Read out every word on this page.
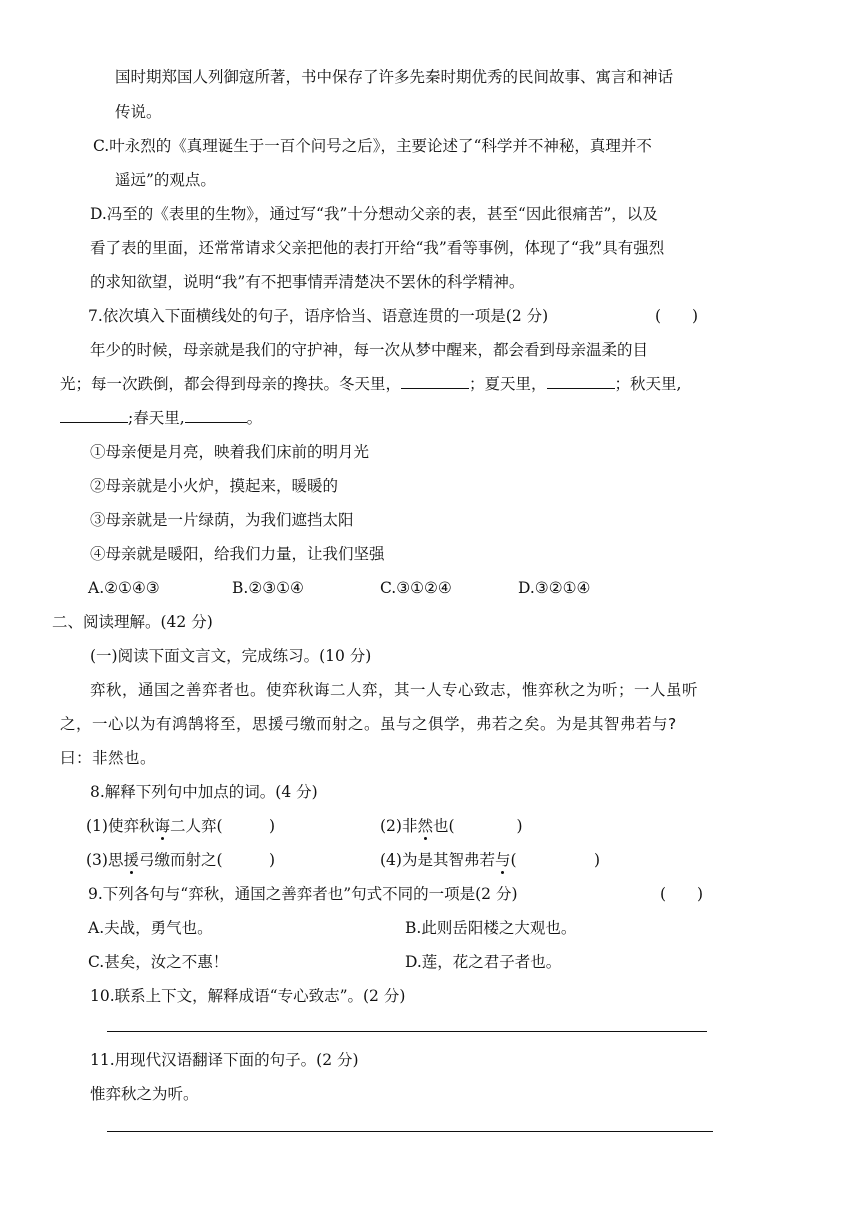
国时期郑国人列御寇所著，书中保存了许多先秦时期优秀的民间故事、寓言和神话
传说。
C.叶永烈的《真理诞生于一百个问号之后》，主要论述了“科学并不神秘，真理并不
遥远”的观点。
D.冯至的《表里的生物》，通过写“我”十分想动父亲的表，甚至“因此很痛苦”，以及
看了表的里面，还常常请求父亲把他的表打开给“我”看等事例，体现了“我”具有强烈
的求知欲望，说明“我”有不把事情弄清楚决不罢休的科学精神。
7.依次填入下面横线处的句子，语序恰当、语意连贯的一项是(2 分)	(　　)
年少的时候，母亲就是我们的守护神，每一次从梦中醒来，都会看到母亲温柔的目
光；每一次跌倒，都会得到母亲的搀扶。冬天里，	；夏天里，	；秋天里,
;春天里,	。
①母亲便是月亮，映着我们床前的明月光
②母亲就是小火炉，摸起来，暖暖的
③母亲就是一片绿荫，为我们遮挡太阳
④母亲就是暖阳，给我们力量，让我们坚强
A.②①④③	B.②③①④	C.③①②④	D.③②①④
二、阅读理解。(42 分)
(一)阅读下面文言文，完成练习。(10 分)
弈秋，通国之善弈者也。使弈秋诲二人弈，其一人专心致志，惟弈秋之为听；一人虽听
之，一心以为有鸿鹄将至，思援弓缴而射之。虽与之俱学，弗若之矣。为是其智弗若与?
曰：非然也。
8.解释下列句中加点的词。(4 分)
(1)使弈秋诲二人弈(　　　)	(2)非然也(　　　　)
(3)思援弓缴而射之(　　　)	(4)为是其智弗若与(　　　　　)
9.下列各句与“弈秋，通国之善弈者也”句式不同的一项是(2 分)	(　　)
A.夫战，勇气也。	B.此则岳阳楼之大观也。
C.甚矣，汝之不惠！	D.莲，花之君子者也。
10.联系上下文，解释成语“专心致志”。(2 分)
11.用现代汉语翻译下面的句子。(2 分)
惟弈秋之为听。
